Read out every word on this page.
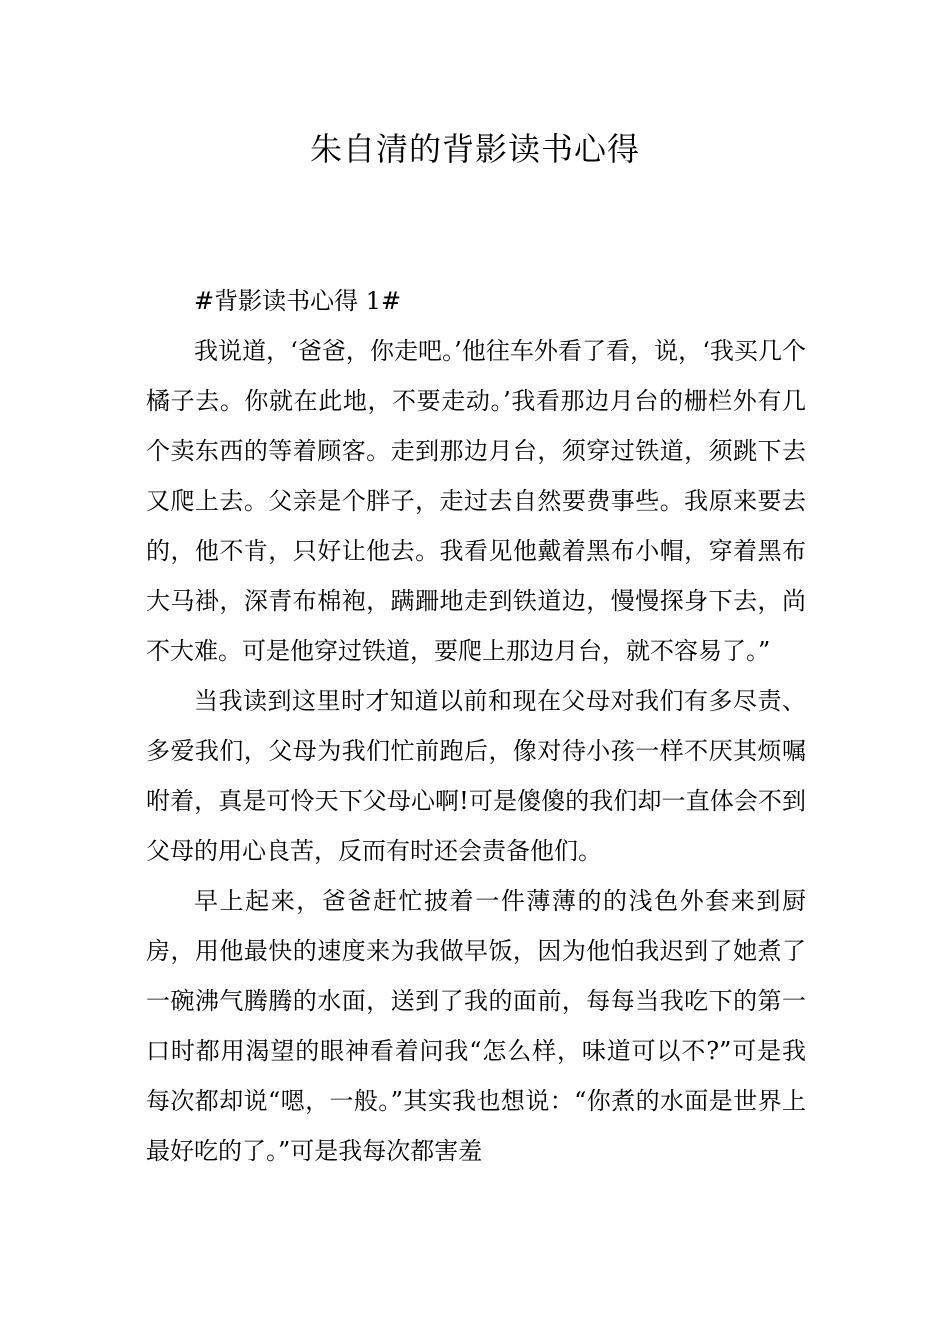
朱自清的背影读书心得

#背影读书心得 1#

我说道，‘爸爸，你走吧。’他往车外看了看，说，‘我买几个橘子去。你就在此地，不要走动。’我看那边月台的栅栏外有几个卖东西的等着顾客。走到那边月台，须穿过铁道，须跳下去又爬上去。父亲是个胖子，走过去自然要费事些。我原来要去的，他不肯，只好让他去。我看见他戴着黑布小帽，穿着黑布大马褂，深青布棉袍，蹒跚地走到铁道边，慢慢探身下去，尚不大难。可是他穿过铁道，要爬上那边月台，就不容易了。”

当我读到这里时才知道以前和现在父母对我们有多尽责、多爱我们，父母为我们忙前跑后，像对待小孩一样不厌其烦嘱咐着，真是可怜天下父母心啊!可是傻傻的我们却一直体会不到父母的用心良苦，反而有时还会责备他们。

早上起来，爸爸赶忙披着一件薄薄的的浅色外套来到厨房，用他最快的速度来为我做早饭，因为他怕我迟到了她煮了一碗沸气腾腾的水面，送到了我的面前，每每当我吃下的第一口时都用渴望的眼神看着问我“怎么样，味道可以不?”可是我每次都却说“嗯，一般。”其实我也想说：“你煮的水面是世界上最好吃的了。”可是我每次都害羞
